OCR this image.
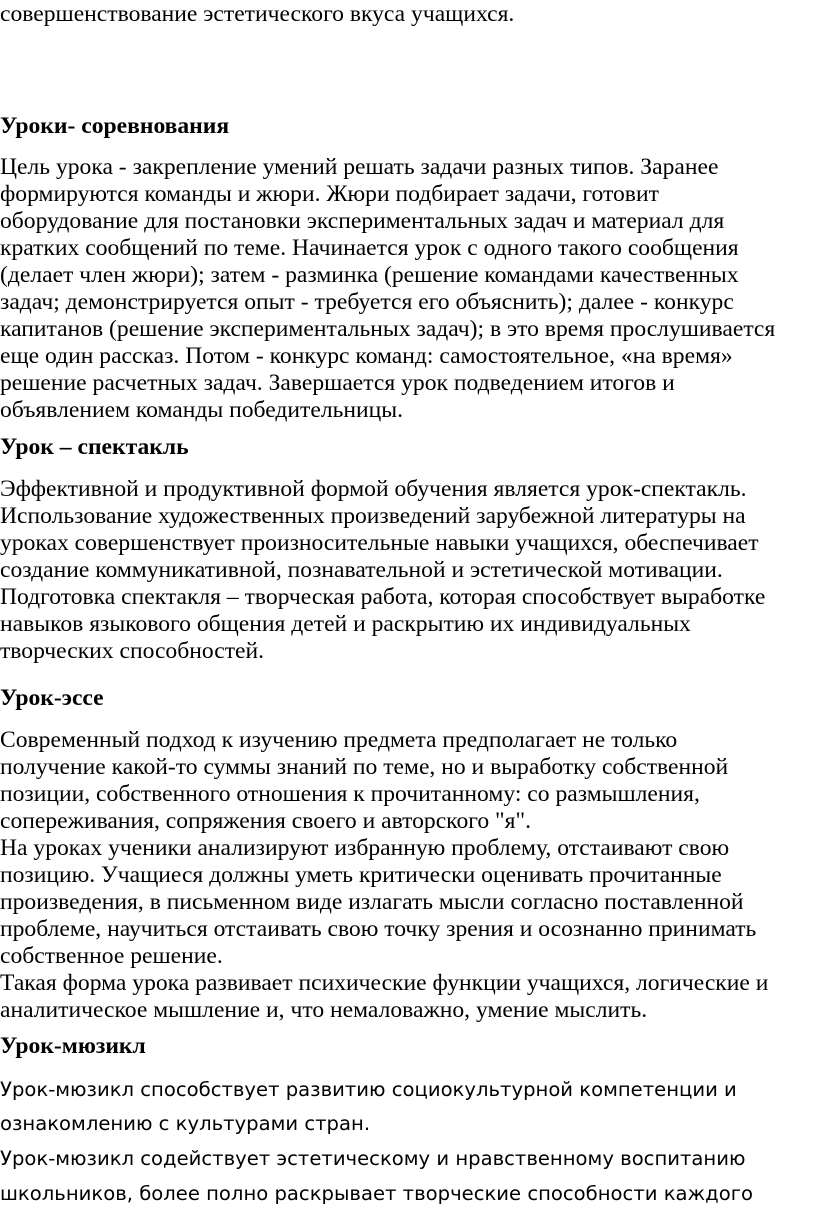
совершенствование эстетического вкуса учащихся.
Уроки- соревнования
Цель урока - закрепление умений решать задачи разных типов. Заранее
формируются команды и жюри. Жюри подбирает задачи, готовит
оборудование для постановки экспериментальных задач и материал для
кратких сообщений по теме. Начинается урок с одного такого сообщения
(делает член жюри); затем - разминка (решение командами качественных
задач; демонстрируется опыт - требуется его объяснить); далее - конкурс
капитанов (решение экспериментальных задач); в это время прослушивается
еще один рассказ. Потом - конкурс команд: самостоятельное, «на время»
решение расчетных задач. Завершается урок подведением итогов и
объявлением команды победительницы.
Урок – спектакль
Эффективной и продуктивной формой обучения является урок-спектакль.
Использование художественных произведений зарубежной литературы на
уроках совершенствует произносительные навыки учащихся, обеспечивает
создание коммуникативной, познавательной и эстетической мотивации.
Подготовка спектакля – творческая работа, которая способствует выработке
навыков языкового общения детей и раскрытию их индивидуальных
творческих способностей.
Урок-эссе
Современный подход к изучению предмета предполагает не только
получение какой-то суммы знаний по теме, но и выработку собственной
позиции, собственного отношения к прочитанному: со размышления,
сопереживания, сопряжения своего и авторского "я".
На уроках ученики анализируют избранную проблему, отстаивают свою
позицию. Учащиеся должны уметь критически оценивать прочитанные
произведения, в письменном виде излагать мысли согласно поставленной
проблеме, научиться отстаивать свою точку зрения и осознанно принимать
собственное решение.
Такая форма урока развивает психические функции учащихся, логические и
аналитическое мышление и, что немаловажно, умение мыслить.
Урок-мюзикл
Урок-мюзикл способствует развитию социокультурной компетенции и
ознакомлению с культурами стран.
Урок-мюзикл содействует эстетическому и нравственному воспитанию
школьников, более полно раскрывает творческие способности каждого
